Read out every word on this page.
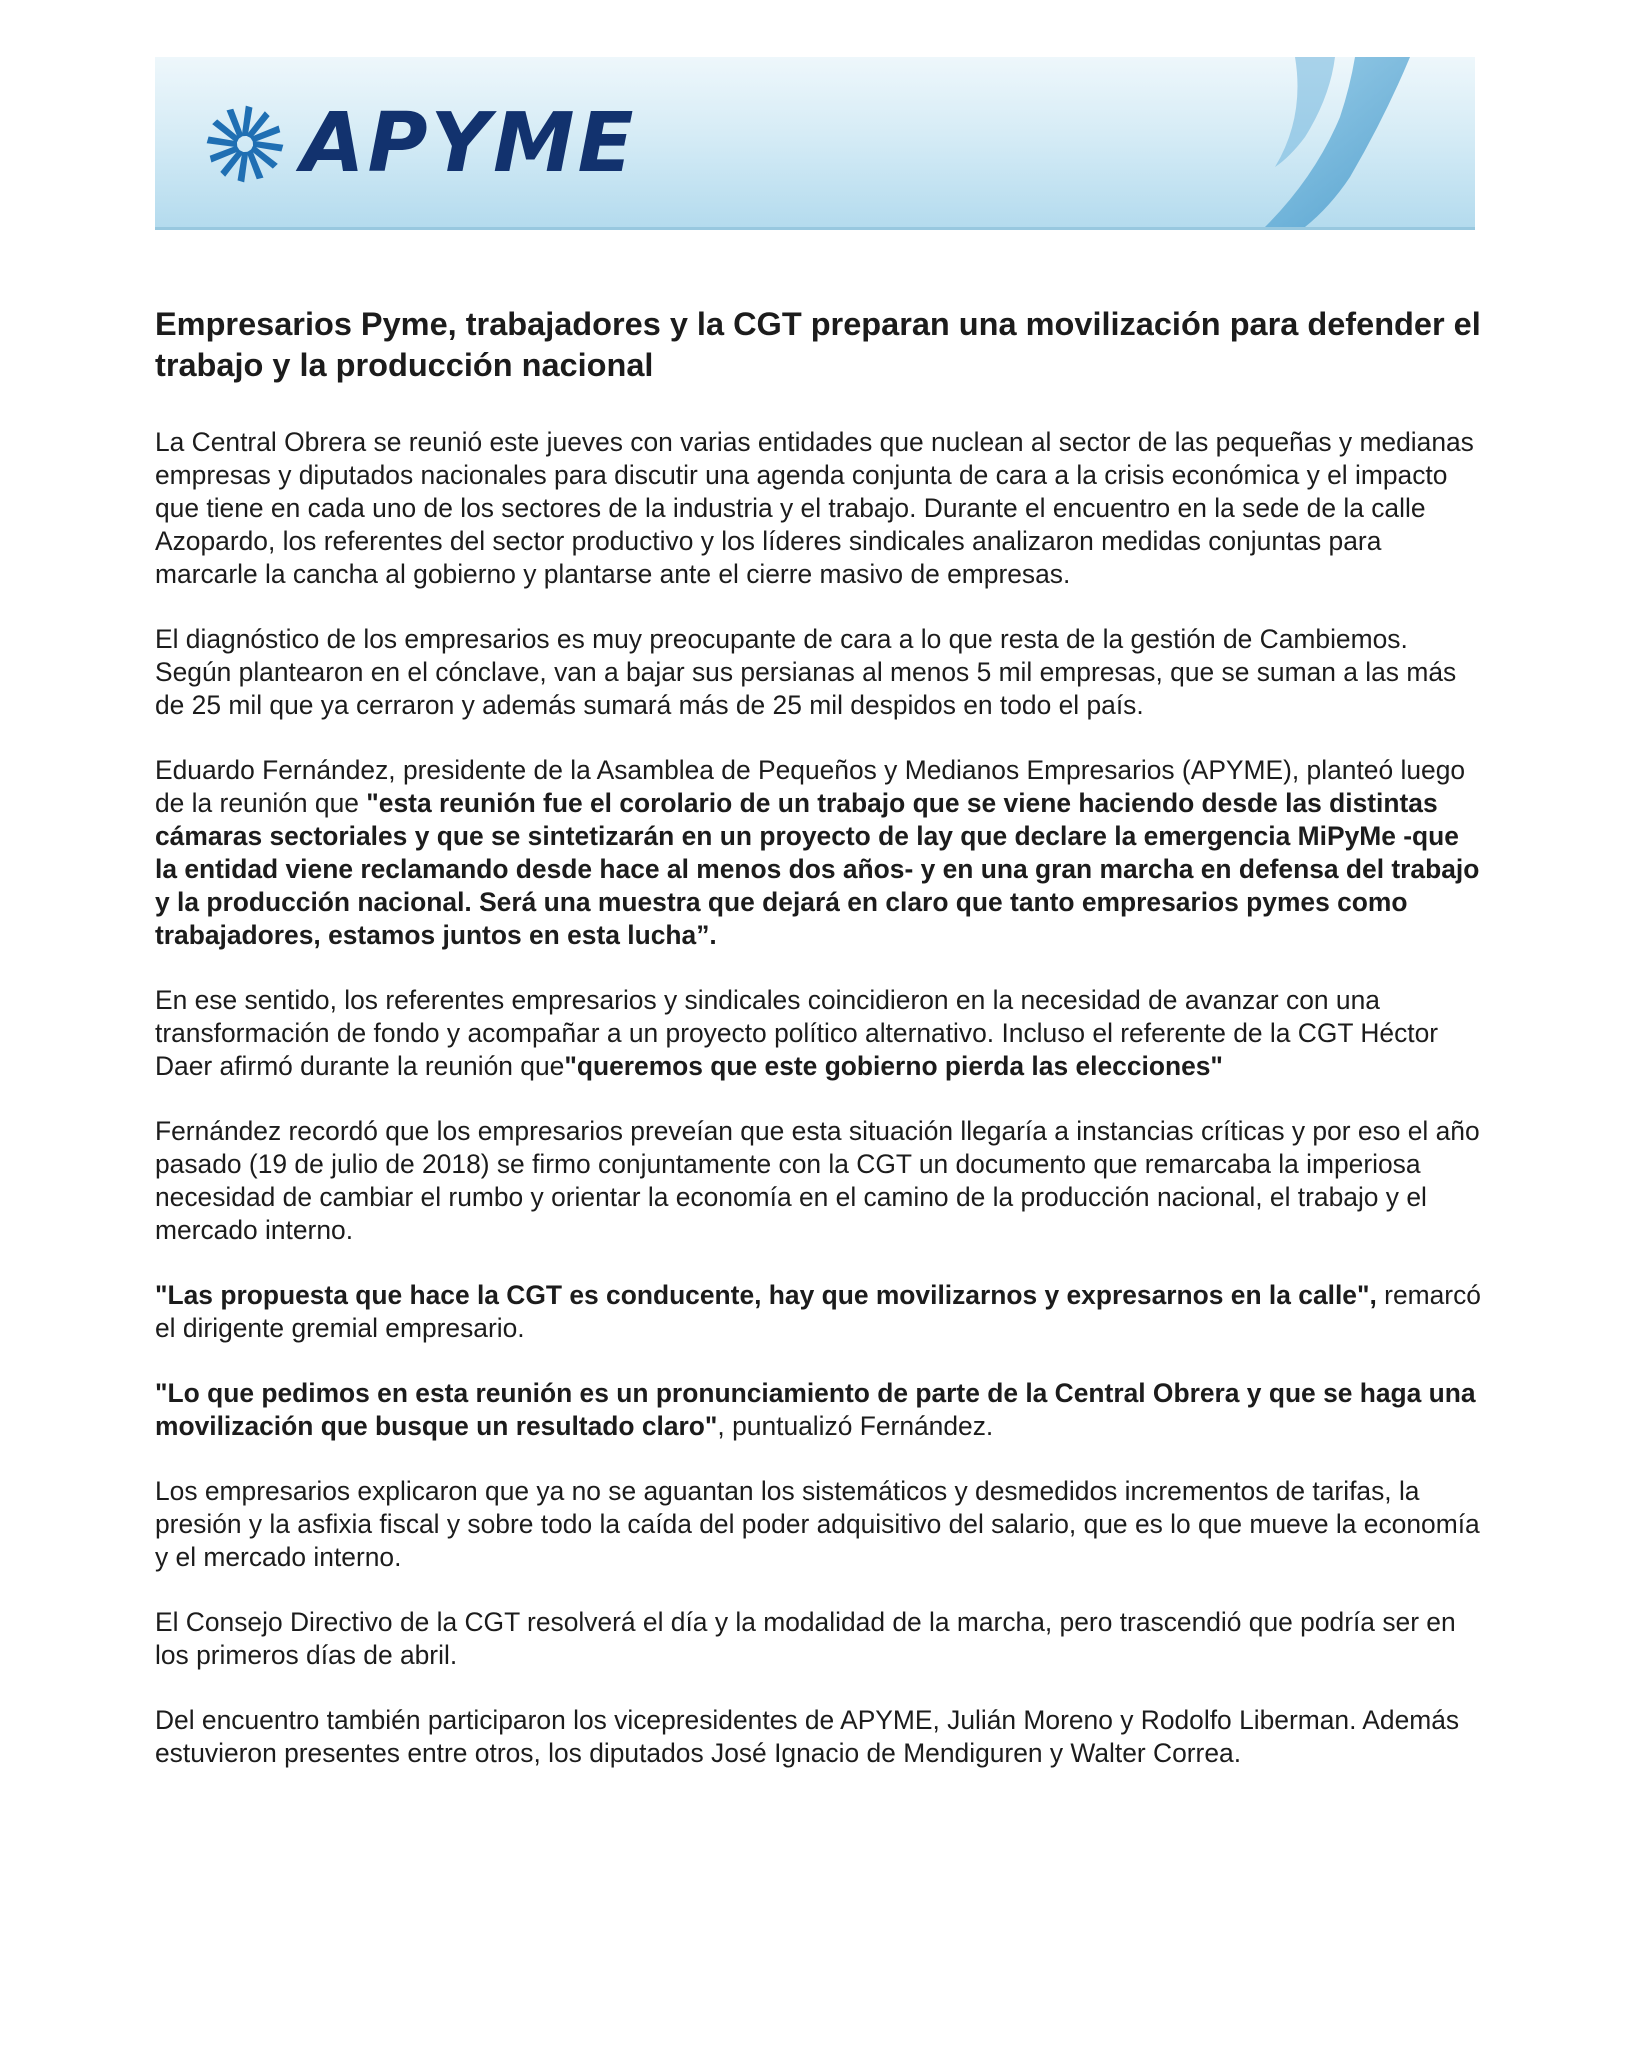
APYME
Empresarios Pyme, trabajadores y la CGT preparan una movilización para defender el trabajo y la producción nacional

La Central Obrera se reunió este jueves con varias entidades que nuclean al sector de las pequeñas y medianas empresas y diputados nacionales para discutir una agenda conjunta de cara a la crisis económica y el impacto que tiene en cada uno de los sectores de la industria y el trabajo. Durante el encuentro en la sede de la calle Azopardo, los referentes del sector productivo y los líderes sindicales analizaron medidas conjuntas para marcarle la cancha al gobierno y plantarse ante el cierre masivo de empresas.

El diagnóstico de los empresarios es muy preocupante de cara a lo que resta de la gestión de Cambiemos. Según plantearon en el cónclave, van a bajar sus persianas al menos 5 mil empresas, que se suman a las más de 25 mil que ya cerraron y además sumará más de 25 mil despidos en todo el país.

Eduardo Fernández, presidente de la Asamblea de Pequeños y Medianos Empresarios (APYME), planteó luego de la reunión que "esta reunión fue el corolario de un trabajo que se viene haciendo desde las distintas cámaras sectoriales y que se sintetizarán en un proyecto de lay que declare la emergencia MiPyMe -que la entidad viene reclamando desde hace al menos dos años- y en una gran marcha en defensa del trabajo y la producción nacional. Será una muestra que dejará en claro que tanto empresarios pymes como trabajadores, estamos juntos en esta lucha”.

En ese sentido, los referentes empresarios y sindicales coincidieron en la necesidad de avanzar con una transformación de fondo y acompañar a un proyecto político alternativo. Incluso el referente de la CGT Héctor Daer afirmó durante la reunión que"queremos que este gobierno pierda las elecciones"

Fernández recordó que los empresarios preveían que esta situación llegaría a instancias críticas y por eso el año pasado (19 de julio de 2018) se firmo conjuntamente con la CGT un documento que remarcaba la imperiosa necesidad de cambiar el rumbo y orientar la economía en el camino de la producción nacional, el trabajo y el mercado interno.

"Las propuesta que hace la CGT es conducente, hay que movilizarnos y expresarnos en la calle", remarcó el dirigente gremial empresario.

"Lo que pedimos en esta reunión es un pronunciamiento de parte de la Central Obrera y que se haga una movilización que busque un resultado claro", puntualizó Fernández.

Los empresarios explicaron que ya no se aguantan los sistemáticos y desmedidos incrementos de tarifas, la presión y la asfixia fiscal y sobre todo la caída del poder adquisitivo del salario, que es lo que mueve la economía y el mercado interno.

El Consejo Directivo de la CGT resolverá el día y la modalidad de la marcha, pero trascendió que podría ser en los primeros días de abril.

Del encuentro también participaron los vicepresidentes de APYME, Julián Moreno y Rodolfo Liberman. Además estuvieron presentes entre otros, los diputados José Ignacio de Mendiguren y Walter Correa.
